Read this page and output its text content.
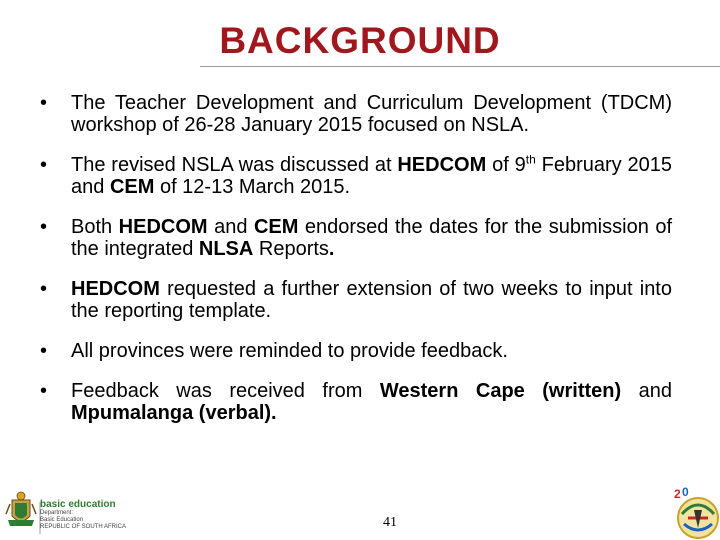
BACKGROUND
• The Teacher Development and Curriculum Development (TDCM) workshop of 26-28 January 2015 focused on NSLA.
• The revised NSLA was discussed at HEDCOM of 9th February 2015 and CEM of 12-13 March 2015.
• Both HEDCOM and CEM endorsed the dates for the submission of the integrated NLSA Reports.
• HEDCOM requested a further extension of two weeks to input into the reporting template.
• All provinces were reminded to provide feedback.
• Feedback was received from Western Cape (written) and Mpumalanga (verbal).
basic education
Department:
Basic Education
REPUBLIC OF SOUTH AFRICA	41
2 0
